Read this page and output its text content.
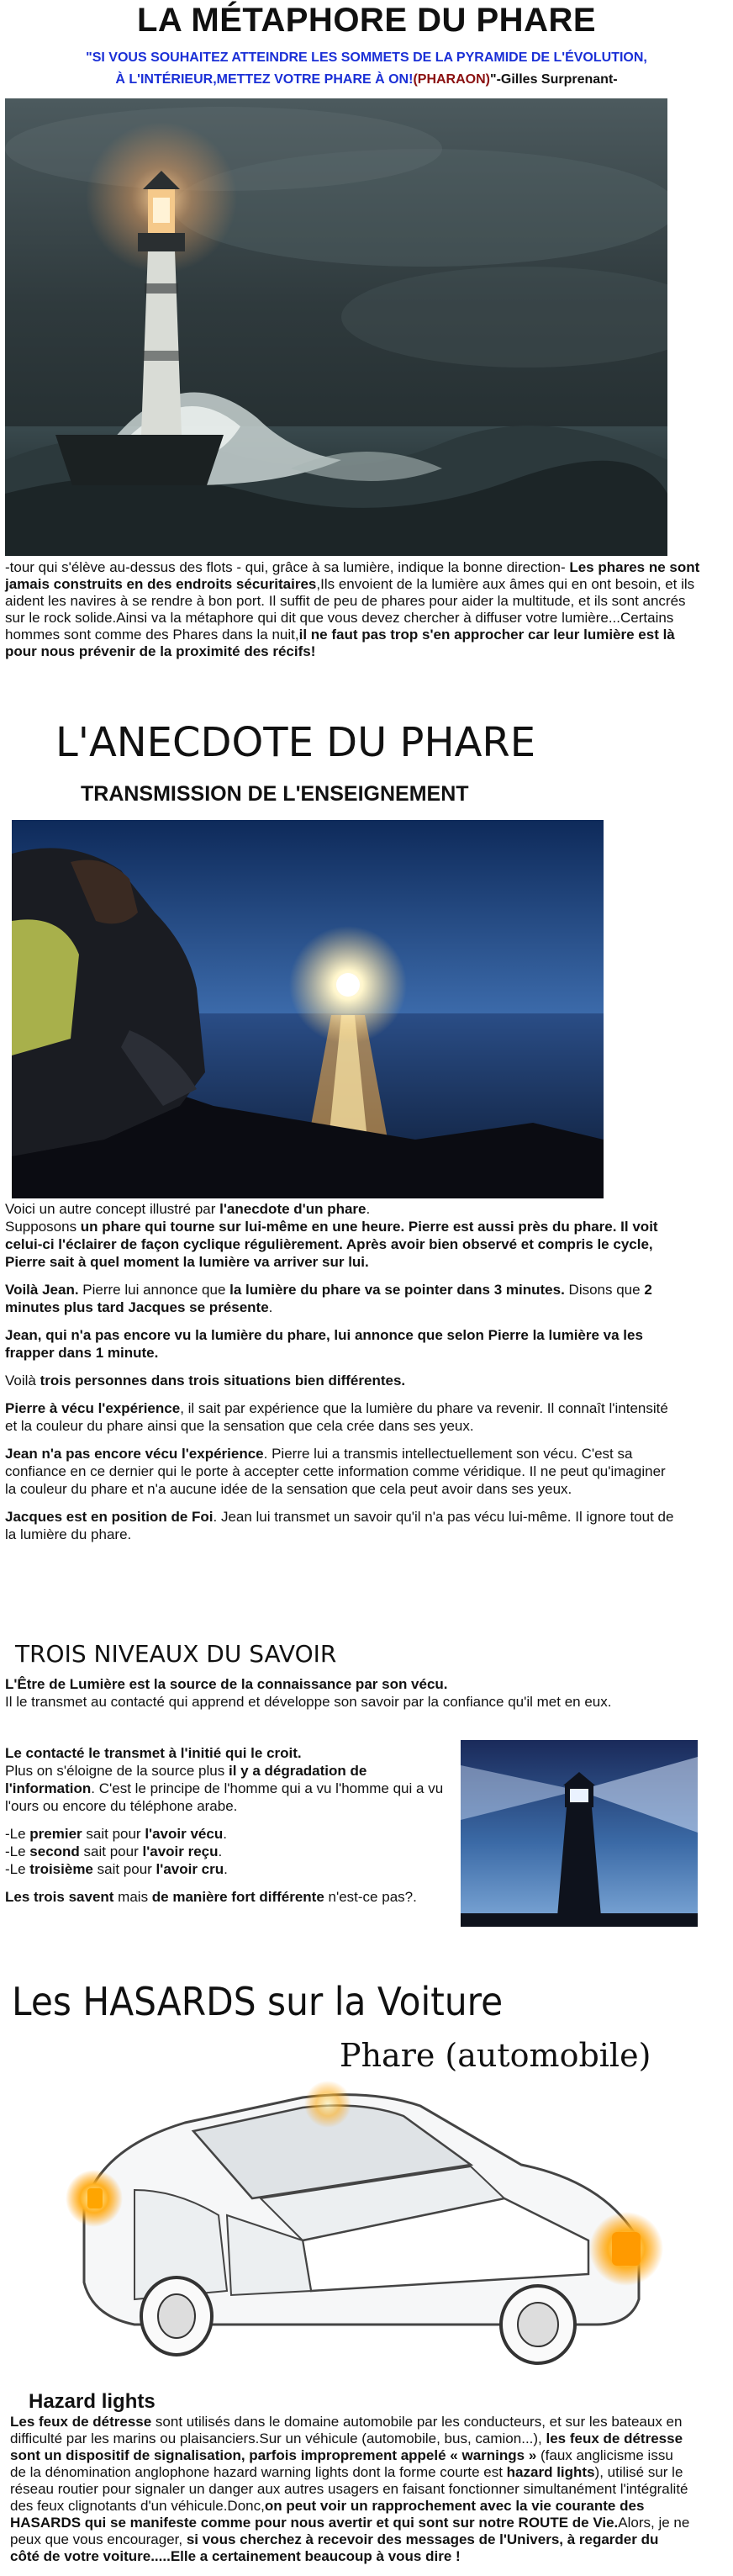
LA MÉTAPHORE DU PHARE
"SI VOUS SOUHAITEZ ATTEINDRE LES SOMMETS DE LA PYRAMIDE DE L'ÉVOLUTION,
À L'INTÉRIEUR,METTEZ VOTRE PHARE À ON!(PHARAON)"-Gilles Surprenant-
-tour qui s'élève au-dessus des flots - qui, grâce à sa lumière, indique la bonne direction- Les phares ne sont jamais construits en des endroits sécuritaires,Ils envoient de la lumière aux âmes qui en ont besoin, et ils aident les navires à se rendre à bon port. Il suffit de peu de phares pour aider la multitude, et ils sont ancrés sur le rock solide.Ainsi va la métaphore qui dit que vous devez chercher à diffuser votre lumière...Certains hommes sont comme des Phares dans la nuit,il ne faut pas trop s'en approcher car leur lumière est là pour nous prévenir de la proximité des récifs!
L'ANECDOTE DU PHARE
TRANSMISSION DE L'ENSEIGNEMENT

Voici un autre concept illustré par l'anecdote d'un phare.
Supposons un phare qui tourne sur lui-même en une heure. Pierre est aussi près du phare. Il voit celui-ci l'éclairer de façon cyclique régulièrement. Après avoir bien observé et compris le cycle, Pierre sait à quel moment la lumière va arriver sur lui.

Voilà Jean. Pierre lui annonce que la lumière du phare va se pointer dans 3 minutes. Disons que 2 minutes plus tard Jacques se présente.

Jean, qui n'a pas encore vu la lumière du phare, lui annonce que selon Pierre la lumière va les frapper dans 1 minute.

Voilà trois personnes dans trois situations bien différentes.

Pierre à vécu l'expérience, il sait par expérience que la lumière du phare va revenir. Il connaît l'intensité et la couleur du phare ainsi que la sensation que cela crée dans ses yeux.

Jean n'a pas encore vécu l'expérience. Pierre lui a transmis intellectuellement son vécu. C'est sa confiance en ce dernier qui le porte à accepter cette information comme véridique. Il ne peut qu'imaginer la couleur du phare et n'a aucune idée de la sensation que cela peut avoir dans ses yeux.

Jacques est en position de Foi. Jean lui transmet un savoir qu'il n'a pas vécu lui-même. Il ignore tout de la lumière du phare.

TROIS NIVEAUX DU SAVOIR

L'Être de Lumière est la source de la connaissance par son vécu.
Il le transmet au contacté qui apprend et développe son savoir par la confiance qu'il met en eux.

Le contacté le transmet à l'initié qui le croit.
Plus on s'éloigne de la source plus il y a dégradation de l'information. C'est le principe de l'homme qui a vu l'homme qui a vu l'ours ou encore du téléphone arabe.

-Le premier sait pour l'avoir vécu.
-Le second sait pour l'avoir reçu.
-Le troisième sait pour l'avoir cru.

Les trois savent mais de manière fort différente n'est-ce pas?.

Les HASARDS sur la Voiture
Phare (automobile)
Hazard lights
Les feux de détresse sont utilisés dans le domaine automobile par les conducteurs, et sur les bateaux en difficulté par les marins ou plaisanciers.Sur un véhicule (automobile, bus, camion...), les feux de détresse sont un dispositif de signalisation, parfois improprement appelé « warnings » (faux anglicisme issu de la dénomination anglophone hazard warning lights dont la forme courte est hazard lights), utilisé sur le réseau routier pour signaler un danger aux autres usagers en faisant fonctionner simultanément l'intégralité des feux clignotants d'un véhicule.Donc,on peut voir un rapprochement avec la vie courante des HASARDS qui se manifeste comme pour nous avertir et qui sont sur notre ROUTE de Vie.Alors, je ne peux que vous encourager, si vous cherchez à recevoir des messages de l'Univers, à regarder du côté de votre voiture.....Elle a certainement beaucoup à vous dire !
